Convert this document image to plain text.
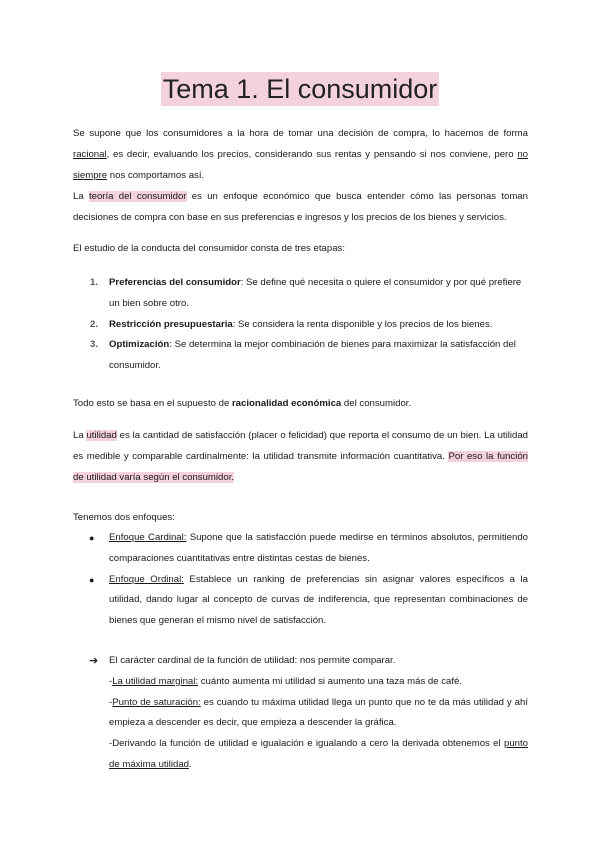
Tema 1. El consumidor
Se supone que los consumidores a la hora de tomar una decisión de compra, lo hacemos de forma racional, es decir, evaluando los precios, considerando sus rentas y pensando si nos conviene, pero no siempre nos comportamos así.
La teoría del consumidor es un enfoque económico que busca entender cómo las personas toman decisiones de compra con base en sus preferencias e ingresos y los precios de los bienes y servicios.
El estudio de la conducta del consumidor consta de tres etapas:
1. Preferencias del consumidor: Se define qué necesita o quiere el consumidor y por qué prefiere un bien sobre otro.
2. Restricción presupuestaria: Se considera la renta disponible y los precios de los bienes.
3. Optimización: Se determina la mejor combinación de bienes para maximizar la satisfacción del consumidor.
Todo esto se basa en el supuesto de racionalidad económica del consumidor.
La utilidad es la cantidad de satisfacción (placer o felicidad) que reporta el consumo de un bien. La utilidad es medible y comparable cardinalmente: la utilidad transmite información cuantitativa. Por eso la función de utilidad varía según el consumidor.
Tenemos dos enfoques:
● Enfoque Cardinal: Supone que la satisfacción puede medirse en términos absolutos, permitiendo comparaciones cuantitativas entre distintas cestas de bienes.
● Enfoque Ordinal: Establece un ranking de preferencias sin asignar valores específicos a la utilidad, dando lugar al concepto de curvas de indiferencia, que representan combinaciones de bienes que generan el mismo nivel de satisfacción.
➔ El carácter cardinal de la función de utilidad: nos permite comparar.
-La utilidad marginal: cuánto aumenta mi utilidad si aumento una taza más de café.
-Punto de saturación: es cuando tu máxima utilidad llega un punto que no te da más utilidad y ahí empieza a descender es decir, que empieza a descender la gráfica.
-Derivando la función de utilidad e igualación e igualando a cero la derivada obtenemos el punto de máxima utilidad.
